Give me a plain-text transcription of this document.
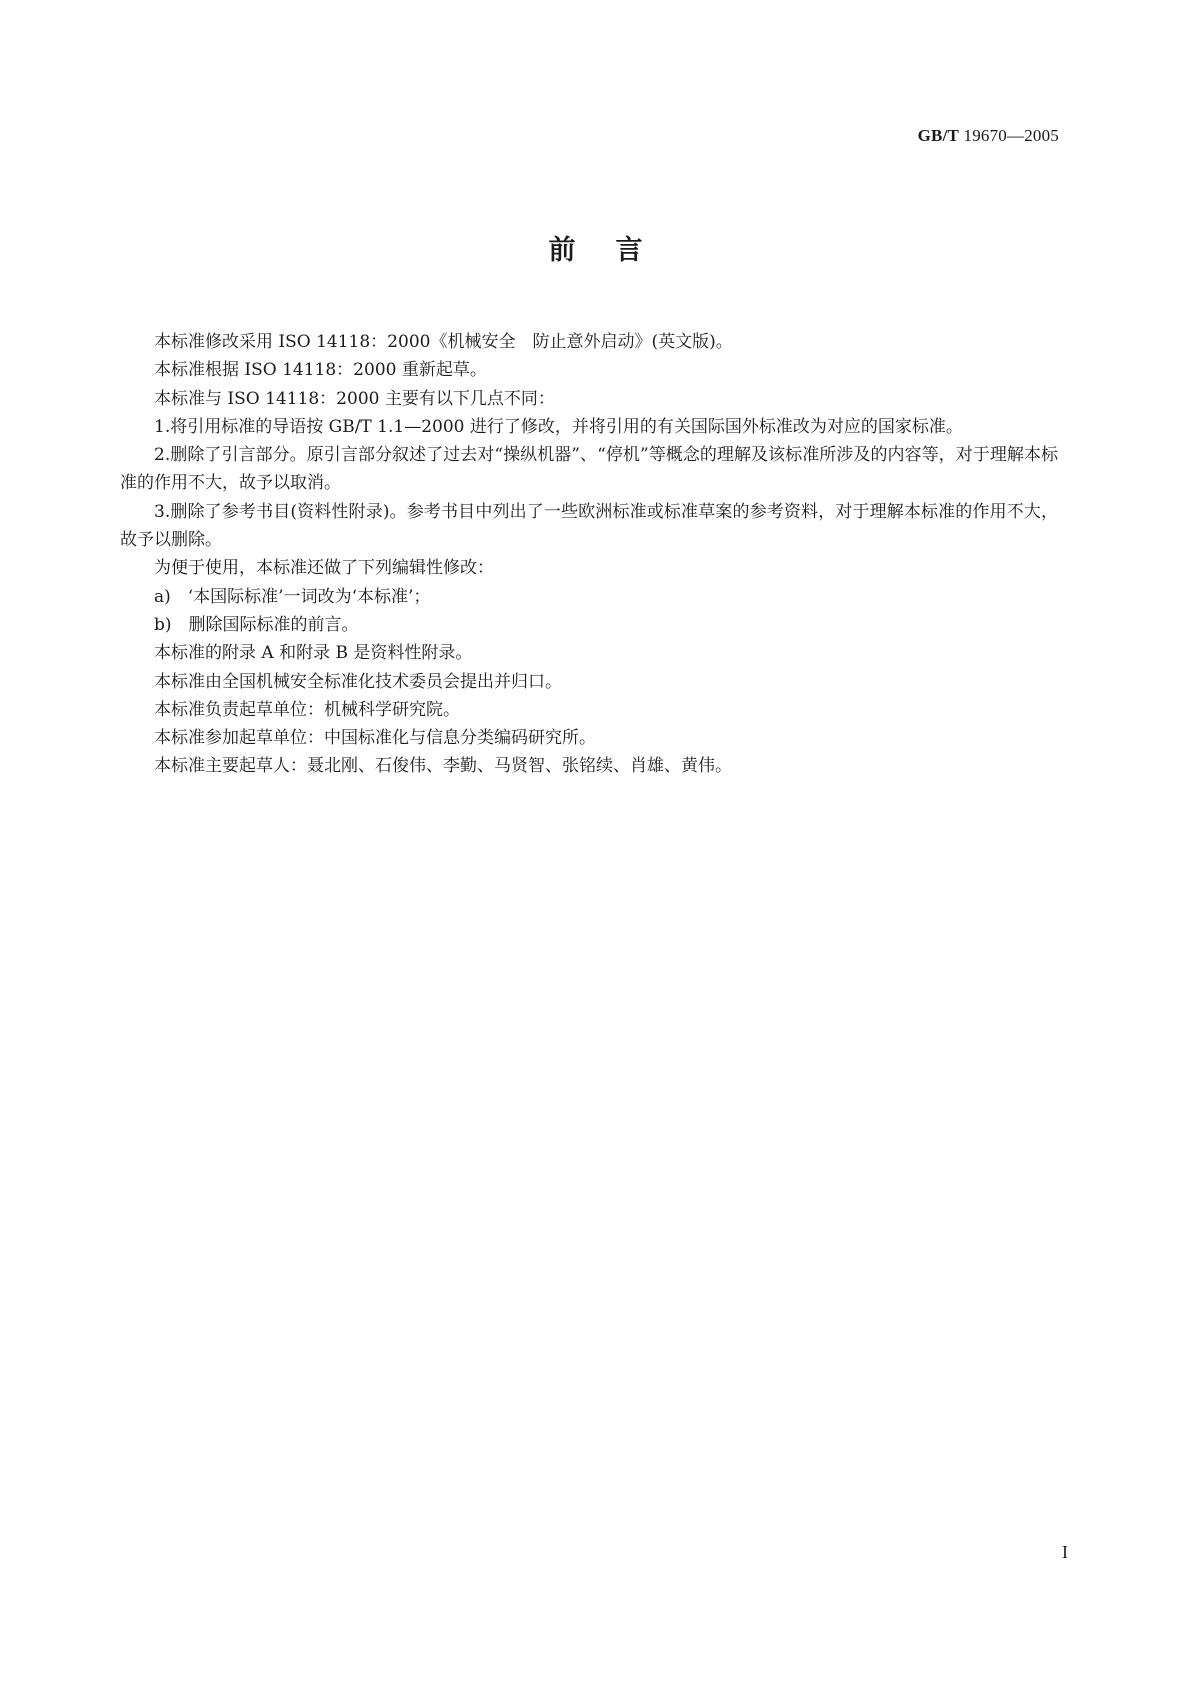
GB/T 19670—2005
前言

本标准修改采用 ISO 14118：2000《机械安全　防止意外启动》(英文版)。

本标准根据 ISO 14118：2000 重新起草。

本标准与 ISO 14118：2000 主要有以下几点不同：

1.将引用标准的导语按 GB/T 1.1—2000 进行了修改，并将引用的有关国际国外标准改为对应的国家标准。

2.删除了引言部分。原引言部分叙述了过去对“操纵机器”、“停机”等概念的理解及该标准所涉及的内容等，对于理解本标准的作用不大，故予以取消。

3.删除了参考书目(资料性附录)。参考书目中列出了一些欧洲标准或标准草案的参考资料，对于理解本标准的作用不大，故予以删除。

为便于使用，本标准还做了下列编辑性修改：

a)　‘本国际标准’一词改为‘本标准’；

b)　删除国际标准的前言。

本标准的附录 A 和附录 B 是资料性附录。

本标准由全国机械安全标准化技术委员会提出并归口。

本标准负责起草单位：机械科学研究院。

本标准参加起草单位：中国标准化与信息分类编码研究所。

本标准主要起草人：聂北刚、石俊伟、李勤、马贤智、张铭续、肖雄、黄伟。

I
